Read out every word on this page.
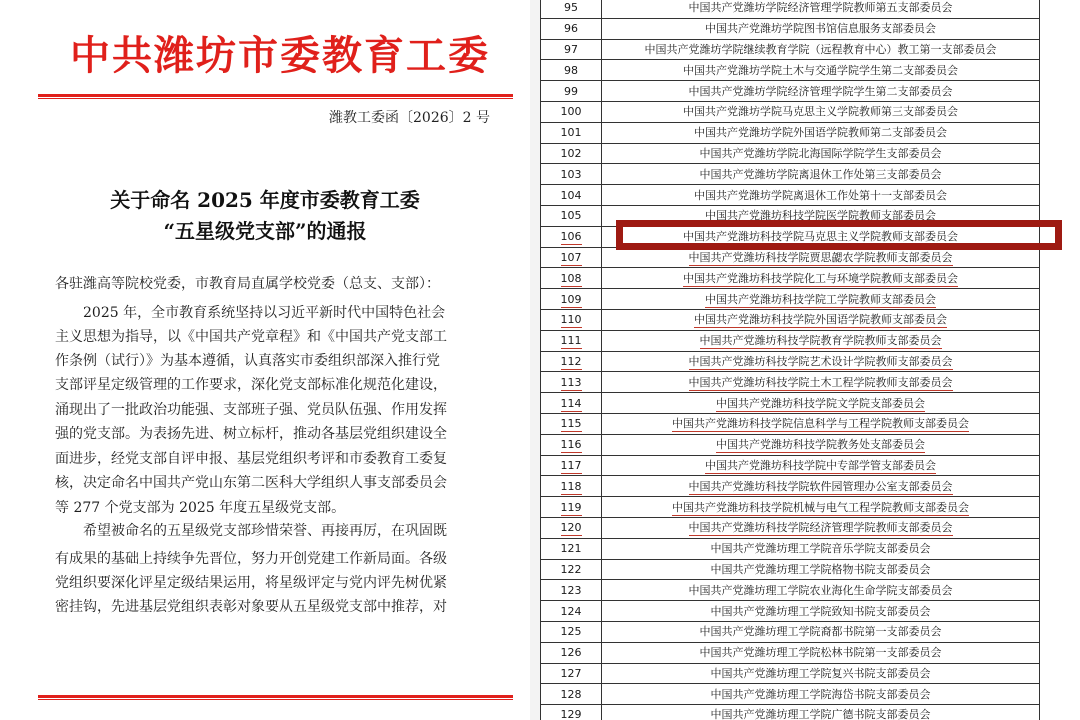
中共潍坊市委教育工委
潍教工委函〔2026〕2 号
关于命名 2025 年度市委教育工委
“五星级党支部”的通报
各驻潍高等院校党委，市教育局直属学校党委（总支、支部）：
　　2025 年，全市教育系统坚持以习近平新时代中国特色社会
主义思想为指导，以《中国共产党章程》和《中国共产党支部工
作条例（试行）》为基本遵循，认真落实市委组织部深入推行党
支部评星定级管理的工作要求，深化党支部标准化规范化建设，
涌现出了一批政治功能强、支部班子强、党员队伍强、作用发挥
强的党支部。为表扬先进、树立标杆，推动各基层党组织建设全
面进步，经党支部自评申报、基层党组织考评和市委教育工委复
核，决定命名中国共产党山东第二医科大学组织人事支部委员会
等 277 个党支部为 2025 年度五星级党支部。
　　希望被命名的五星级党支部珍惜荣誉、再接再厉，在巩固既
有成果的基础上持续争先晋位，努力开创党建工作新局面。各级
党组织要深化评星定级结果运用，将星级评定与党内评先树优紧
密挂钩，先进基层党组织表彰对象要从五星级党支部中推荐，对
95	中国共产党潍坊学院经济管理学院教师第五支部委员会
96	中国共产党潍坊学院图书馆信息服务支部委员会
97	中国共产党潍坊学院继续教育学院（远程教育中心）教工第一支部委员会
98	中国共产党潍坊学院土木与交通学院学生第二支部委员会
99	中国共产党潍坊学院经济管理学院学生第二支部委员会
100	中国共产党潍坊学院马克思主义学院教师第三支部委员会
101	中国共产党潍坊学院外国语学院教师第二支部委员会
102	中国共产党潍坊学院北海国际学院学生支部委员会
103	中国共产党潍坊学院离退休工作处第三支部委员会
104	中国共产党潍坊学院离退休工作处第十一支部委员会
105	中国共产党潍坊科技学院医学院教师支部委员会
106	中国共产党潍坊科技学院马克思主义学院教师支部委员会
107	中国共产党潍坊科技学院贾思勰农学院教师支部委员会
108	中国共产党潍坊科技学院化工与环境学院教师支部委员会
109	中国共产党潍坊科技学院工学院教师支部委员会
110	中国共产党潍坊科技学院外国语学院教师支部委员会
111	中国共产党潍坊科技学院教育学院教师支部委员会
112	中国共产党潍坊科技学院艺术设计学院教师支部委员会
113	中国共产党潍坊科技学院土木工程学院教师支部委员会
114	中国共产党潍坊科技学院文学院支部委员会
115	中国共产党潍坊科技学院信息科学与工程学院教师支部委员会
116	中国共产党潍坊科技学院教务处支部委员会
117	中国共产党潍坊科技学院中专部学管支部委员会
118	中国共产党潍坊科技学院软件园管理办公室支部委员会
119	中国共产党潍坊科技学院机械与电气工程学院教师支部委员会
120	中国共产党潍坊科技学院经济管理学院教师支部委员会
121	中国共产党潍坊理工学院音乐学院支部委员会
122	中国共产党潍坊理工学院格物书院支部委员会
123	中国共产党潍坊理工学院农业海化生命学院支部委员会
124	中国共产党潍坊理工学院致知书院支部委员会
125	中国共产党潍坊理工学院裔都书院第一支部委员会
126	中国共产党潍坊理工学院松林书院第一支部委员会
127	中国共产党潍坊理工学院复兴书院支部委员会
128	中国共产党潍坊理工学院海岱书院支部委员会
129	中国共产党潍坊理工学院广德书院支部委员会
